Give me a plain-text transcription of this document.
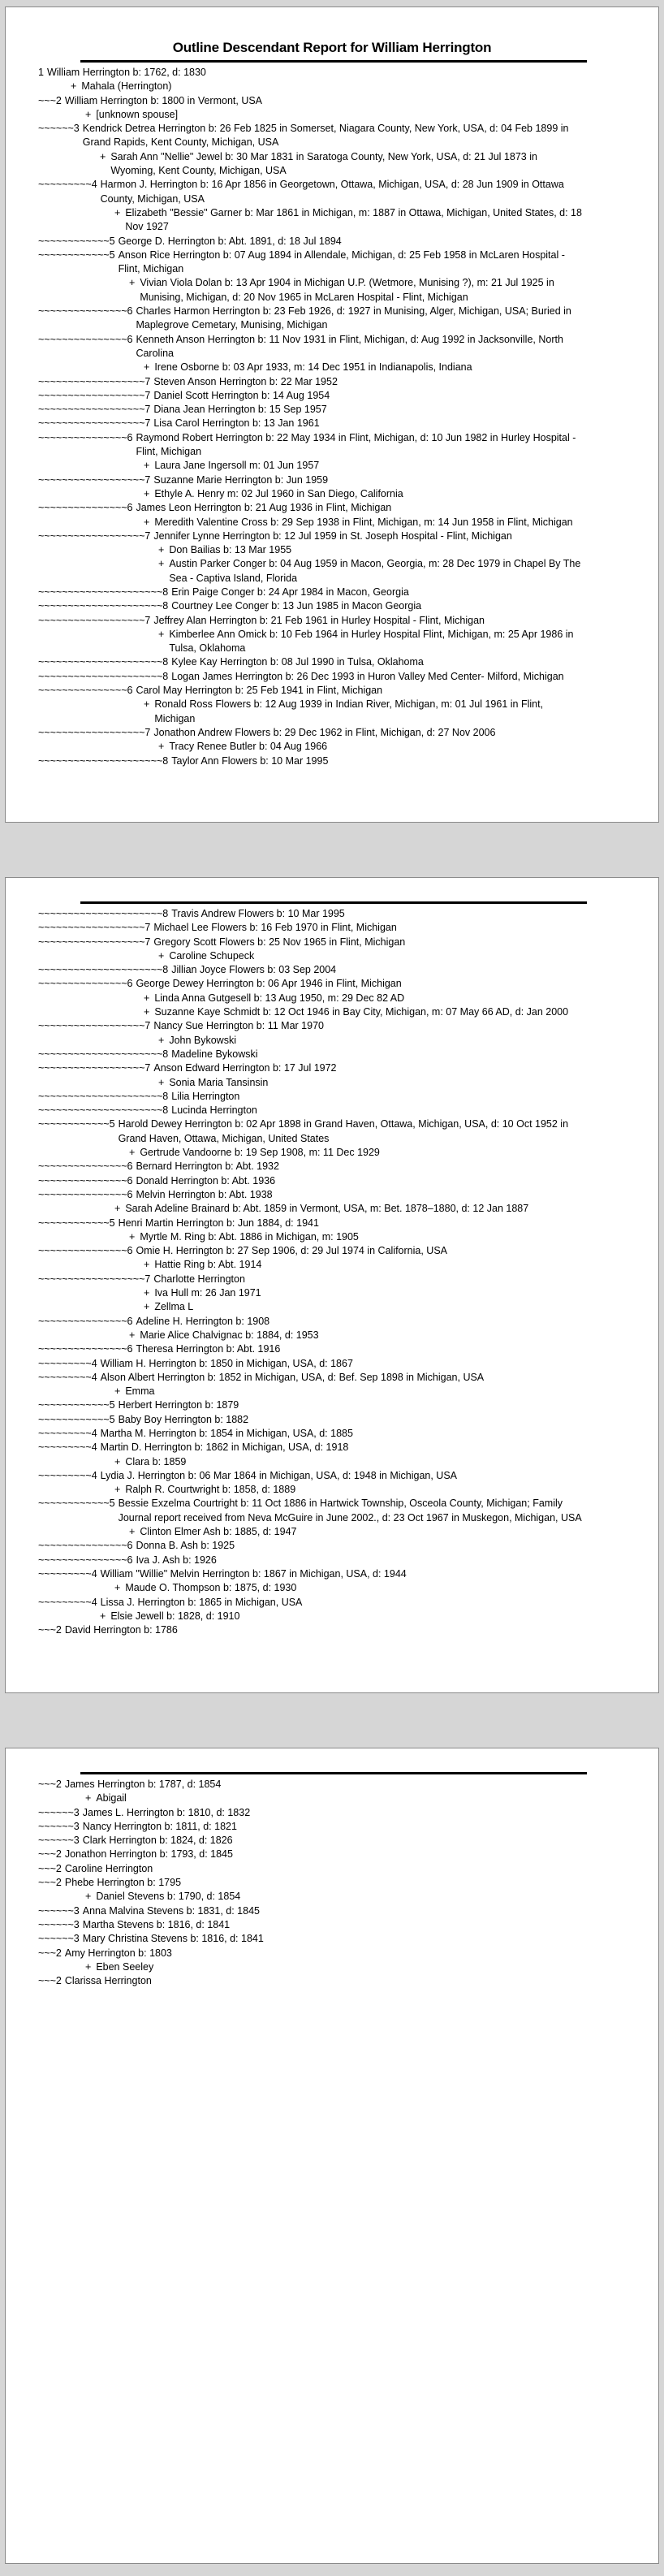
Outline Descendant Report for William Herrington
1 William Herrington b: 1762, d: 1830
+ Mahala (Herrington)
~~~2 William Herrington b: 1800 in Vermont, USA
+ [unknown spouse]
~~~~~~3 Kendrick Detrea Herrington b: 26 Feb 1825 in Somerset, Niagara County, New York, USA, d: 04 Feb 1899 in Grand Rapids, Kent County, Michigan, USA
+ Sarah Ann "Nellie" Jewel b: 30 Mar 1831 in Saratoga County, New York, USA, d: 21 Jul 1873 in Wyoming, Kent County, Michigan, USA
~~~~~~~~~4 Harmon J. Herrington b: 16 Apr 1856 in Georgetown, Ottawa, Michigan, USA, d: 28 Jun 1909 in Ottawa County, Michigan, USA
+ Elizabeth "Bessie" Garner b: Mar 1861 in Michigan, m: 1887 in Ottawa, Michigan, United States, d: 18 Nov 1927
~~~~~~~~~~~~5 George D. Herrington b: Abt. 1891, d: 18 Jul 1894
~~~~~~~~~~~~5 Anson Rice Herrington b: 07 Aug 1894 in Allendale, Michigan, d: 25 Feb 1958 in McLaren Hospital - Flint, Michigan
+ Vivian Viola Dolan b: 13 Apr 1904 in Michigan U.P. (Wetmore, Munising ?), m: 21 Jul 1925 in Munising, Michigan, d: 20 Nov 1965 in McLaren Hospital - Flint, Michigan
~~~~~~~~~~~~~~~6 Charles Harmon Herrington b: 23 Feb 1926, d: 1927 in Munising, Alger, Michigan, USA; Buried in Maplegrove Cemetary, Munising, Michigan
~~~~~~~~~~~~~~~6 Kenneth Anson Herrington b: 11 Nov 1931 in Flint, Michigan, d: Aug 1992 in Jacksonville, North Carolina
+ Irene Osborne b: 03 Apr 1933, m: 14 Dec 1951 in Indianapolis, Indiana
~~~~~~~~~~~~~~~~~~7 Steven Anson Herrington b: 22 Mar 1952
~~~~~~~~~~~~~~~~~~7 Daniel Scott Herrington b: 14 Aug 1954
~~~~~~~~~~~~~~~~~~7 Diana Jean Herrington b: 15 Sep 1957
~~~~~~~~~~~~~~~~~~7 Lisa Carol Herrington b: 13 Jan 1961
~~~~~~~~~~~~~~~6 Raymond Robert Herrington b: 22 May 1934 in Flint, Michigan, d: 10 Jun 1982 in Hurley Hospital - Flint, Michigan
+ Laura Jane Ingersoll m: 01 Jun 1957
~~~~~~~~~~~~~~~~~~7 Suzanne Marie Herrington b: Jun 1959
+ Ethyle A. Henry m: 02 Jul 1960 in San Diego, California
~~~~~~~~~~~~~~~6 James Leon Herrington b: 21 Aug 1936 in Flint, Michigan
+ Meredith Valentine Cross b: 29 Sep 1938 in Flint, Michigan, m: 14 Jun 1958 in Flint, Michigan
~~~~~~~~~~~~~~~~~~7 Jennifer Lynne Herrington b: 12 Jul 1959 in St. Joseph Hospital - Flint, Michigan
+ Don Bailias b: 13 Mar 1955
+ Austin Parker Conger b: 04 Aug 1959 in Macon, Georgia, m: 28 Dec 1979 in Chapel By The Sea - Captiva Island, Florida
~~~~~~~~~~~~~~~~~~~~~8 Erin Paige Conger b: 24 Apr 1984 in Macon, Georgia
~~~~~~~~~~~~~~~~~~~~~8 Courtney Lee Conger b: 13 Jun 1985 in Macon Georgia
~~~~~~~~~~~~~~~~~~7 Jeffrey Alan Herrington b: 21 Feb 1961 in Hurley Hospital - Flint, Michigan
+ Kimberlee Ann Omick b: 10 Feb 1964 in Hurley Hospital Flint, Michigan, m: 25 Apr 1986 in Tulsa, Oklahoma
~~~~~~~~~~~~~~~~~~~~~8 Kylee Kay Herrington b: 08 Jul 1990 in Tulsa, Oklahoma
~~~~~~~~~~~~~~~~~~~~~8 Logan James Herrington b: 26 Dec 1993 in Huron Valley Med Center- Milford, Michigan
~~~~~~~~~~~~~~~6 Carol May Herrington b: 25 Feb 1941 in Flint, Michigan
+ Ronald Ross Flowers b: 12 Aug 1939 in Indian River, Michigan, m: 01 Jul 1961 in Flint, Michigan
~~~~~~~~~~~~~~~~~~7 Jonathon Andrew Flowers b: 29 Dec 1962 in Flint, Michigan, d: 27 Nov 2006
+ Tracy Renee Butler b: 04 Aug 1966
~~~~~~~~~~~~~~~~~~~~~8 Taylor Ann Flowers b: 10 Mar 1995
~~~~~~~~~~~~~~~~~~~~~8 Travis Andrew Flowers b: 10 Mar 1995
~~~~~~~~~~~~~~~~~~7 Michael Lee Flowers b: 16 Feb 1970 in Flint, Michigan
~~~~~~~~~~~~~~~~~~7 Gregory Scott Flowers b: 25 Nov 1965 in Flint, Michigan
+ Caroline Schupeck
~~~~~~~~~~~~~~~~~~~~~8 Jillian Joyce Flowers b: 03 Sep 2004
~~~~~~~~~~~~~~~6 George Dewey Herrington b: 06 Apr 1946 in Flint, Michigan
+ Linda Anna Gutgesell b: 13 Aug 1950, m: 29 Dec 82 AD
+ Suzanne Kaye Schmidt b: 12 Oct 1946 in Bay City, Michigan, m: 07 May 66 AD, d: Jan 2000
~~~~~~~~~~~~~~~~~~7 Nancy Sue Herrington b: 11 Mar 1970
+ John Bykowski
~~~~~~~~~~~~~~~~~~~~~8 Madeline Bykowski
~~~~~~~~~~~~~~~~~~7 Anson Edward Herrington b: 17 Jul 1972
+ Sonia Maria Tansinsin
~~~~~~~~~~~~~~~~~~~~~8 Lilia Herrington
~~~~~~~~~~~~~~~~~~~~~8 Lucinda Herrington
~~~~~~~~~~~~5 Harold Dewey Herrington b: 02 Apr 1898 in Grand Haven, Ottawa, Michigan, USA, d: 10 Oct 1952 in Grand Haven, Ottawa, Michigan, United States
+ Gertrude Vandoorne b: 19 Sep 1908, m: 11 Dec 1929
~~~~~~~~~~~~~~~6 Bernard Herrington b: Abt. 1932
~~~~~~~~~~~~~~~6 Donald Herrington b: Abt. 1936
~~~~~~~~~~~~~~~6 Melvin Herrington b: Abt. 1938
+ Sarah Adeline Brainard b: Abt. 1859 in Vermont, USA, m: Bet. 1878–1880, d: 12 Jan 1887
~~~~~~~~~~~~5 Henri Martin Herrington b: Jun 1884, d: 1941
+ Myrtle M. Ring b: Abt. 1886 in Michigan, m: 1905
~~~~~~~~~~~~~~~6 Omie H. Herrington b: 27 Sep 1906, d: 29 Jul 1974 in California, USA
+ Hattie Ring b: Abt. 1914
~~~~~~~~~~~~~~~~~~7 Charlotte Herrington
+ Iva Hull m: 26 Jan 1971
+ Zellma L
~~~~~~~~~~~~~~~6 Adeline H. Herrington b: 1908
+ Marie Alice Chalvignac b: 1884, d: 1953
~~~~~~~~~~~~~~~6 Theresa Herrington b: Abt. 1916
~~~~~~~~~4 William H. Herrington b: 1850 in Michigan, USA, d: 1867
~~~~~~~~~4 Alson Albert Herrington b: 1852 in Michigan, USA, d: Bef. Sep 1898 in Michigan, USA
+ Emma
~~~~~~~~~~~~5 Herbert Herrington b: 1879
~~~~~~~~~~~~5 Baby Boy Herrington b: 1882
~~~~~~~~~4 Martha M. Herrington b: 1854 in Michigan, USA, d: 1885
~~~~~~~~~4 Martin D. Herrington b: 1862 in Michigan, USA, d: 1918
+ Clara b: 1859
~~~~~~~~~4 Lydia J. Herrington b: 06 Mar 1864 in Michigan, USA, d: 1948 in Michigan, USA
+ Ralph R. Courtwright b: 1858, d: 1889
~~~~~~~~~~~~5 Bessie Exzelma Courtright b: 11 Oct 1886 in Hartwick Township, Osceola County, Michigan; Family Journal report received from Neva McGuire in June 2002., d: 23 Oct 1967 in Muskegon, Michigan, USA
+ Clinton Elmer Ash b: 1885, d: 1947
~~~~~~~~~~~~~~~6 Donna B. Ash b: 1925
~~~~~~~~~~~~~~~6 Iva J. Ash b: 1926
~~~~~~~~~4 William "Willie" Melvin Herrington b: 1867 in Michigan, USA, d: 1944
+ Maude O. Thompson b: 1875, d: 1930
~~~~~~~~~4 Lissa J. Herrington b: 1865 in Michigan, USA
+ Elsie Jewell b: 1828, d: 1910
~~~2 David Herrington b: 1786
~~~2 James Herrington b: 1787, d: 1854
+ Abigail
~~~~~~3 James L. Herrington b: 1810, d: 1832
~~~~~~3 Nancy Herrington b: 1811, d: 1821
~~~~~~3 Clark Herrington b: 1824, d: 1826
~~~2 Jonathon Herrington b: 1793, d: 1845
~~~2 Caroline Herrington
~~~2 Phebe Herrington b: 1795
+ Daniel Stevens b: 1790, d: 1854
~~~~~~3 Anna Malvina Stevens b: 1831, d: 1845
~~~~~~3 Martha Stevens b: 1816, d: 1841
~~~~~~3 Mary Christina Stevens b: 1816, d: 1841
~~~2 Amy Herrington b: 1803
+ Eben Seeley
~~~2 Clarissa Herrington
